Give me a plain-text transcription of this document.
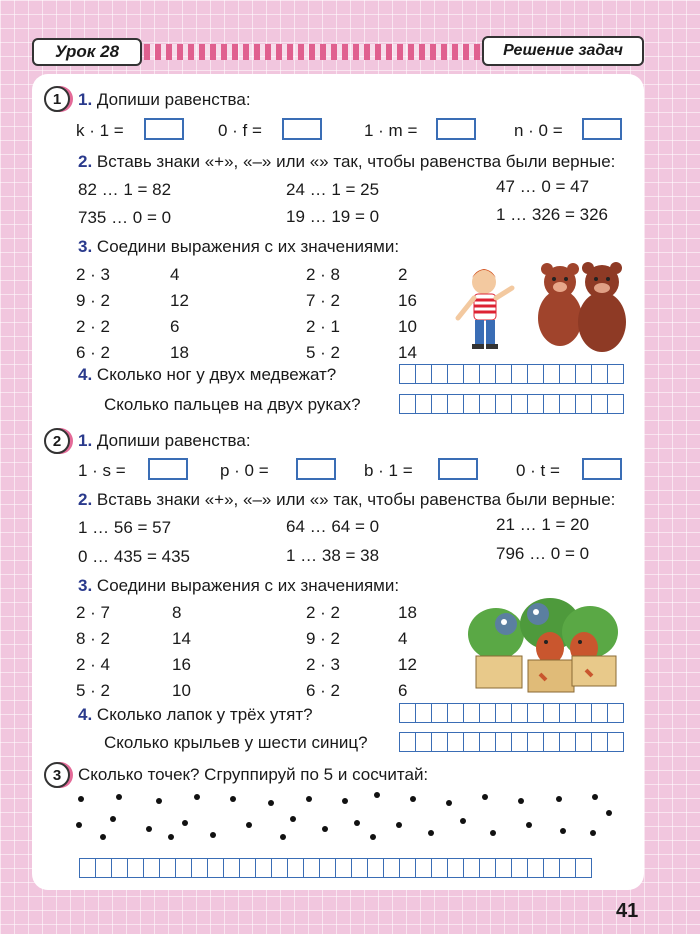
Урок 28	Решение задач
1 1. Допиши равенства:
k · 1 =	0 · f =	1 · m =	n · 0 =
2. Вставь знаки «+», «–» или «» так, чтобы равенства были верные:
82 … 1 = 82	24 … 1 = 25	47 … 0 = 47
735 … 0 = 0	19 … 19 = 0	1 … 326 = 326
3. Соедини выражения с их значениями:
2 · 3	4	2 · 8	2
9 · 2	12	7 · 2	16
2 · 2	6	2 · 1	10
6 · 2	18	5 · 2	14
4. Сколько ног у двух медвежат?
Сколько пальцев на двух руках?
2 1. Допиши равенства:
1 · s =	p · 0 =	b · 1 =	0 · t =
2. Вставь знаки «+», «–» или «» так, чтобы равенства были верные:
1 … 56 = 57	64 … 64 = 0	21 … 1 = 20
0 … 435 = 435	1 … 38 = 38	796 … 0 = 0
3. Соедини выражения с их значениями:
2 · 7	8	2 · 2	18
8 · 2	14	9 · 2	4
2 · 4	16	2 · 3	12
5 · 2	10	6 · 2	6
4. Сколько лапок у трёх утят?
Сколько крыльев у шести синиц?
3 Сколько точек? Сгруппируй по 5 и сосчитай:
41
